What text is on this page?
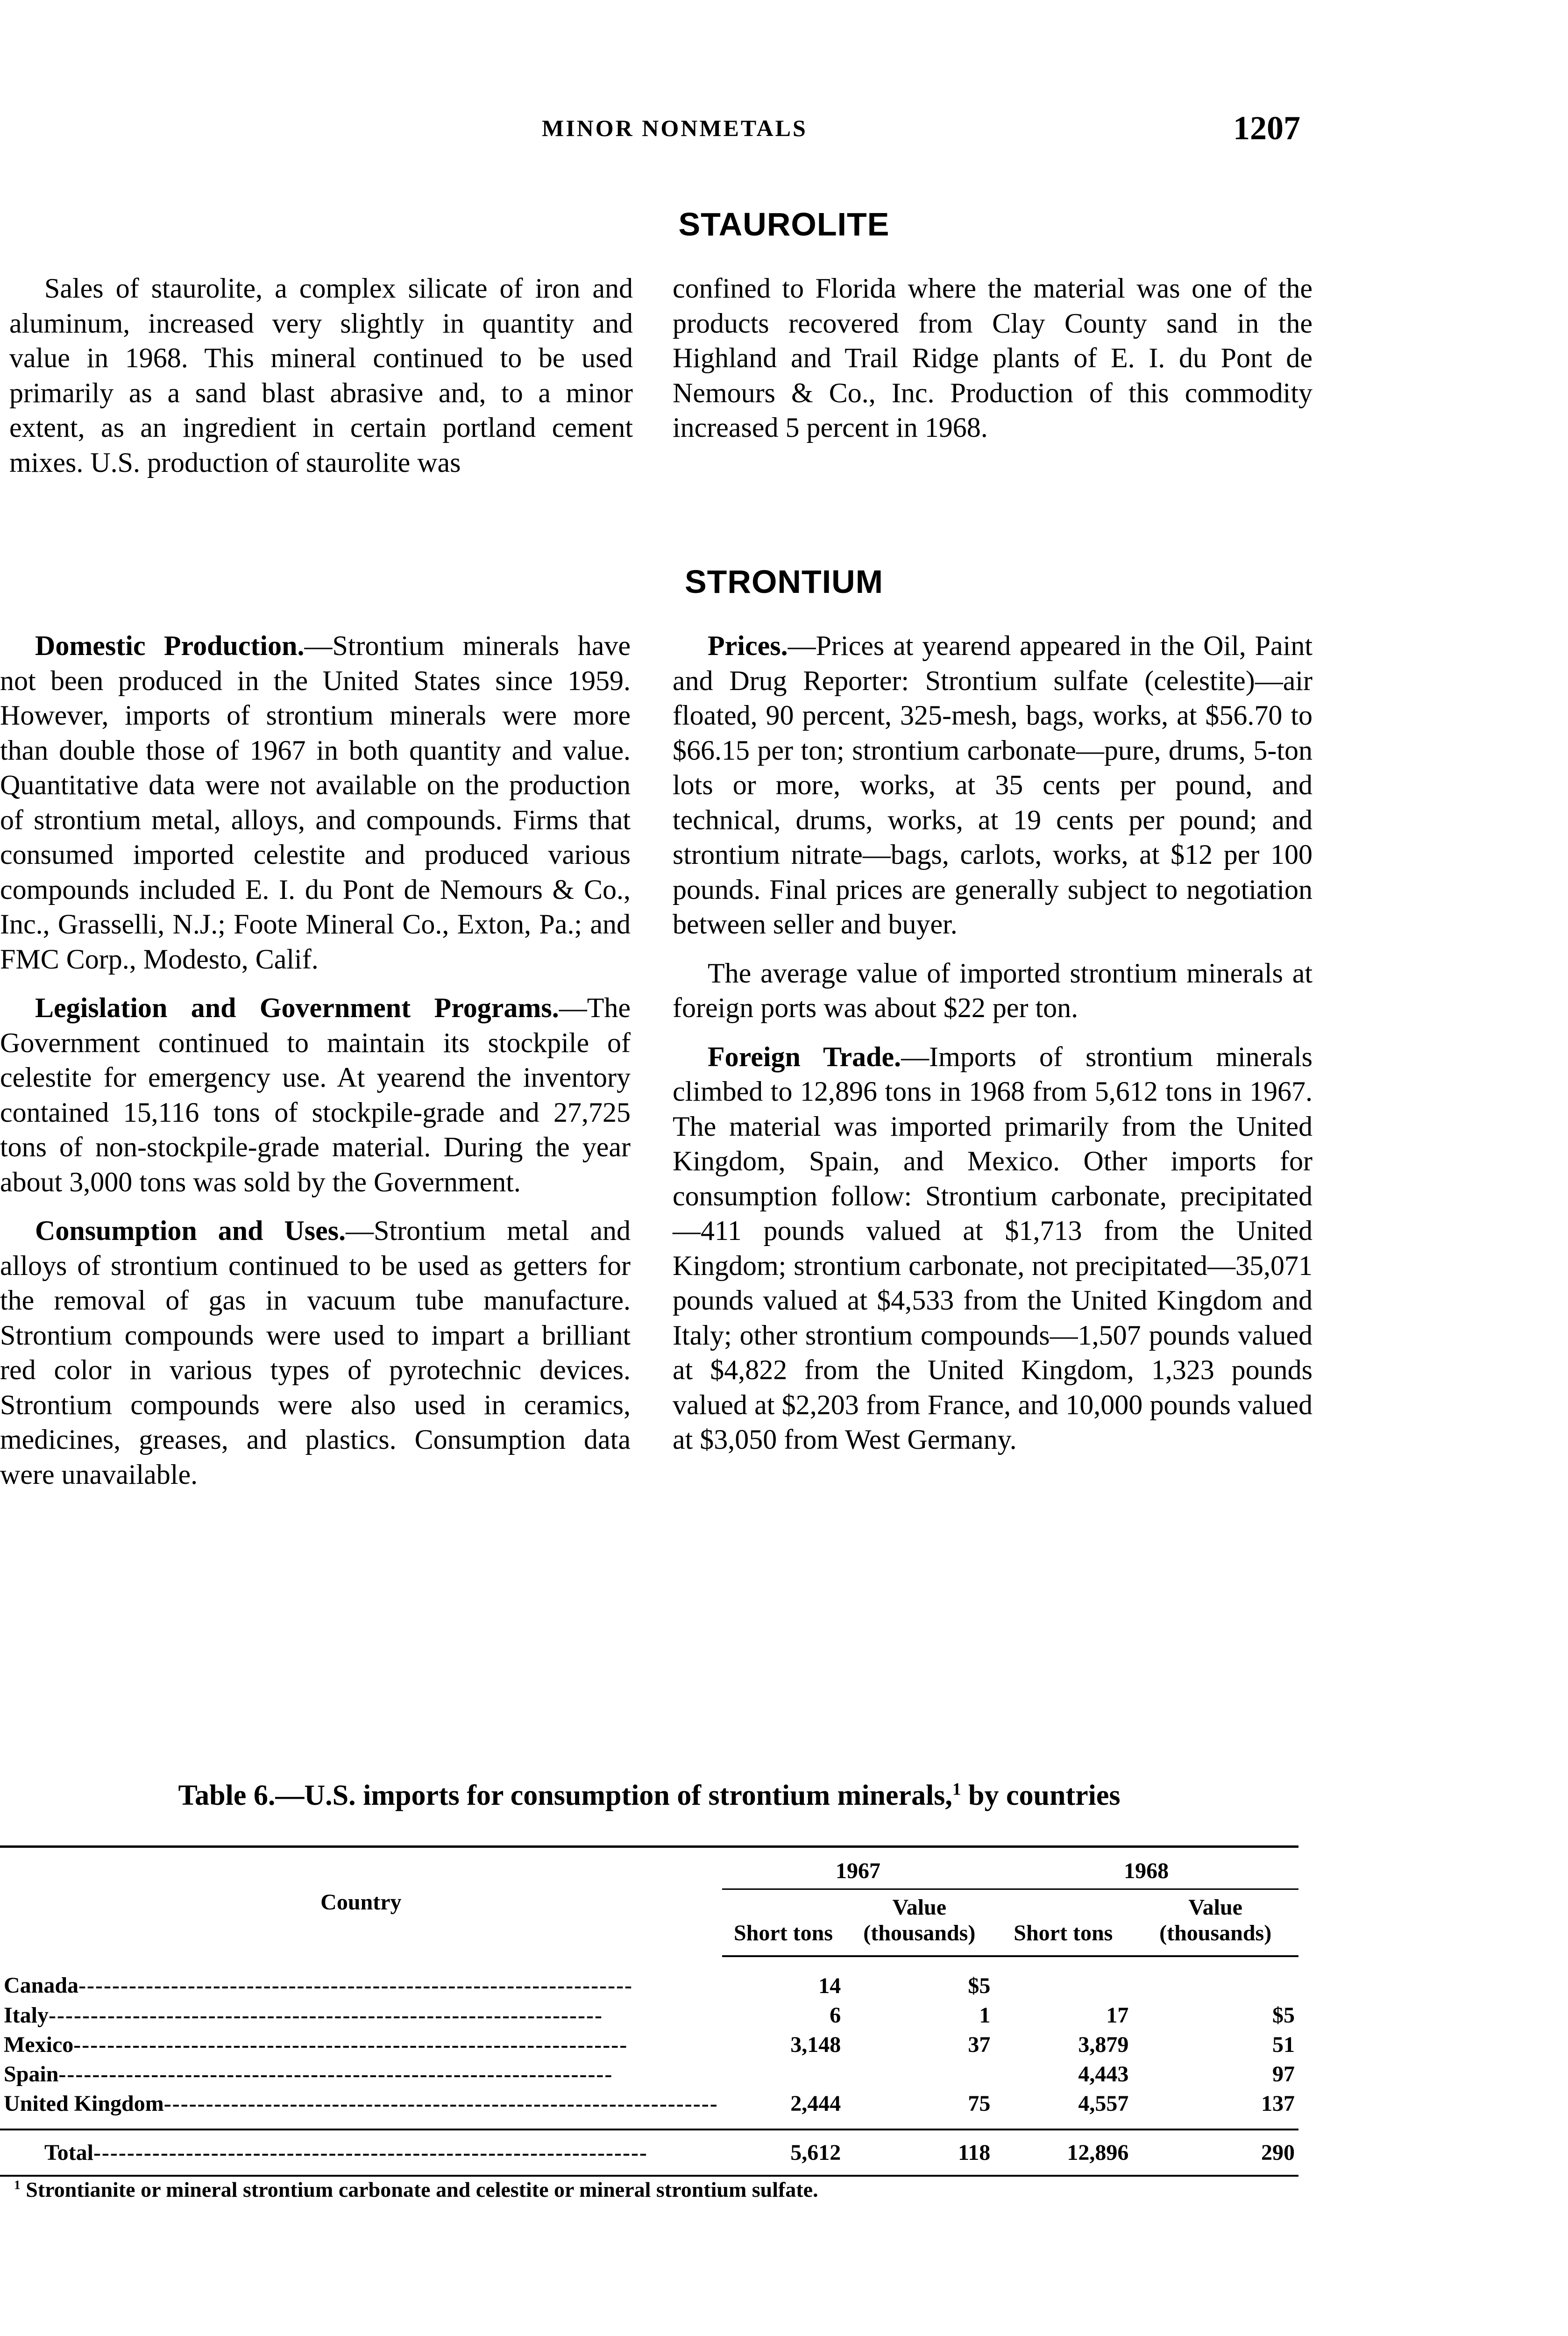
MINOR NONMETALS	1207
STAUROLITE

Sales of staurolite, a complex silicate of iron and aluminum, increased very slightly in quantity and value in 1968. This mineral continued to be used primarily as a sand blast abrasive and, to a minor extent, as an ingredient in certain portland cement mixes. U.S. production of staurolite was

confined to Florida where the material was one of the products recovered from Clay County sand in the Highland and Trail Ridge plants of E. I. du Pont de Nemours & Co., Inc. Production of this commodity increased 5 percent in 1968.

STRONTIUM

Domestic Production.—Strontium minerals have not been produced in the United States since 1959. However, imports of strontium minerals were more than double those of 1967 in both quantity and value. Quantitative data were not available on the production of strontium metal, alloys, and compounds. Firms that consumed imported celestite and produced various compounds included E. I. du Pont de Nemours & Co., Inc., Grasselli, N.J.; Foote Mineral Co., Exton, Pa.; and FMC Corp., Modesto, Calif.

Legislation and Government Programs.—The Government continued to maintain its stockpile of celestite for emergency use. At yearend the inventory contained 15,116 tons of stockpile-grade and 27,725 tons of non-stockpile-grade material. During the year about 3,000 tons was sold by the Government.

Consumption and Uses.—Strontium metal and alloys of strontium continued to be used as getters for the removal of gas in vacuum tube manufacture. Strontium compounds were used to impart a brilliant red color in various types of pyrotechnic devices. Strontium compounds were also used in ceramics, medicines, greases, and plastics. Consumption data were unavailable.

Prices.—Prices at yearend appeared in the Oil, Paint and Drug Reporter: Strontium sulfate (celestite)—air floated, 90 percent, 325-mesh, bags, works, at $56.70 to $66.15 per ton; strontium carbonate—pure, drums, 5-ton lots or more, works, at 35 cents per pound, and technical, drums, works, at 19 cents per pound; and strontium nitrate—bags, carlots, works, at $12 per 100 pounds. Final prices are generally subject to negotiation between seller and buyer.

The average value of imported strontium minerals at foreign ports was about $22 per ton.

Foreign Trade.—Imports of strontium minerals climbed to 12,896 tons in 1968 from 5,612 tons in 1967. The material was imported primarily from the United Kingdom, Spain, and Mexico. Other imports for consumption follow: Strontium carbonate, precipitated—411 pounds valued at $1,713 from the United Kingdom; strontium carbonate, not precipitated—35,071 pounds valued at $4,533 from the United Kingdom and Italy; other strontium compounds—1,507 pounds valued at $4,822 from the United Kingdom, 1,323 pounds valued at $2,203 from France, and 10,000 pounds valued at $3,050 from West Germany.

Table 6.—U.S. imports for consumption of strontium minerals,$^1$ by countries
Country	1967		1968	
	Short tons	Value (thousands)	Short tons	Value (thousands)
Canada------------------------------------------------------------------	14	$5		
Italy------------------------------------------------------------------	6	1	17	$5
Mexico------------------------------------------------------------------	3,148	37	3,879	51
Spain------------------------------------------------------------------			4,443	97
United Kingdom------------------------------------------------------------------	2,444	75	4,557	137
Total------------------------------------------------------------------	5,612	118	12,896	290
$^1$ Strontianite or mineral strontium carbonate and celestite or mineral strontium sulfate.
